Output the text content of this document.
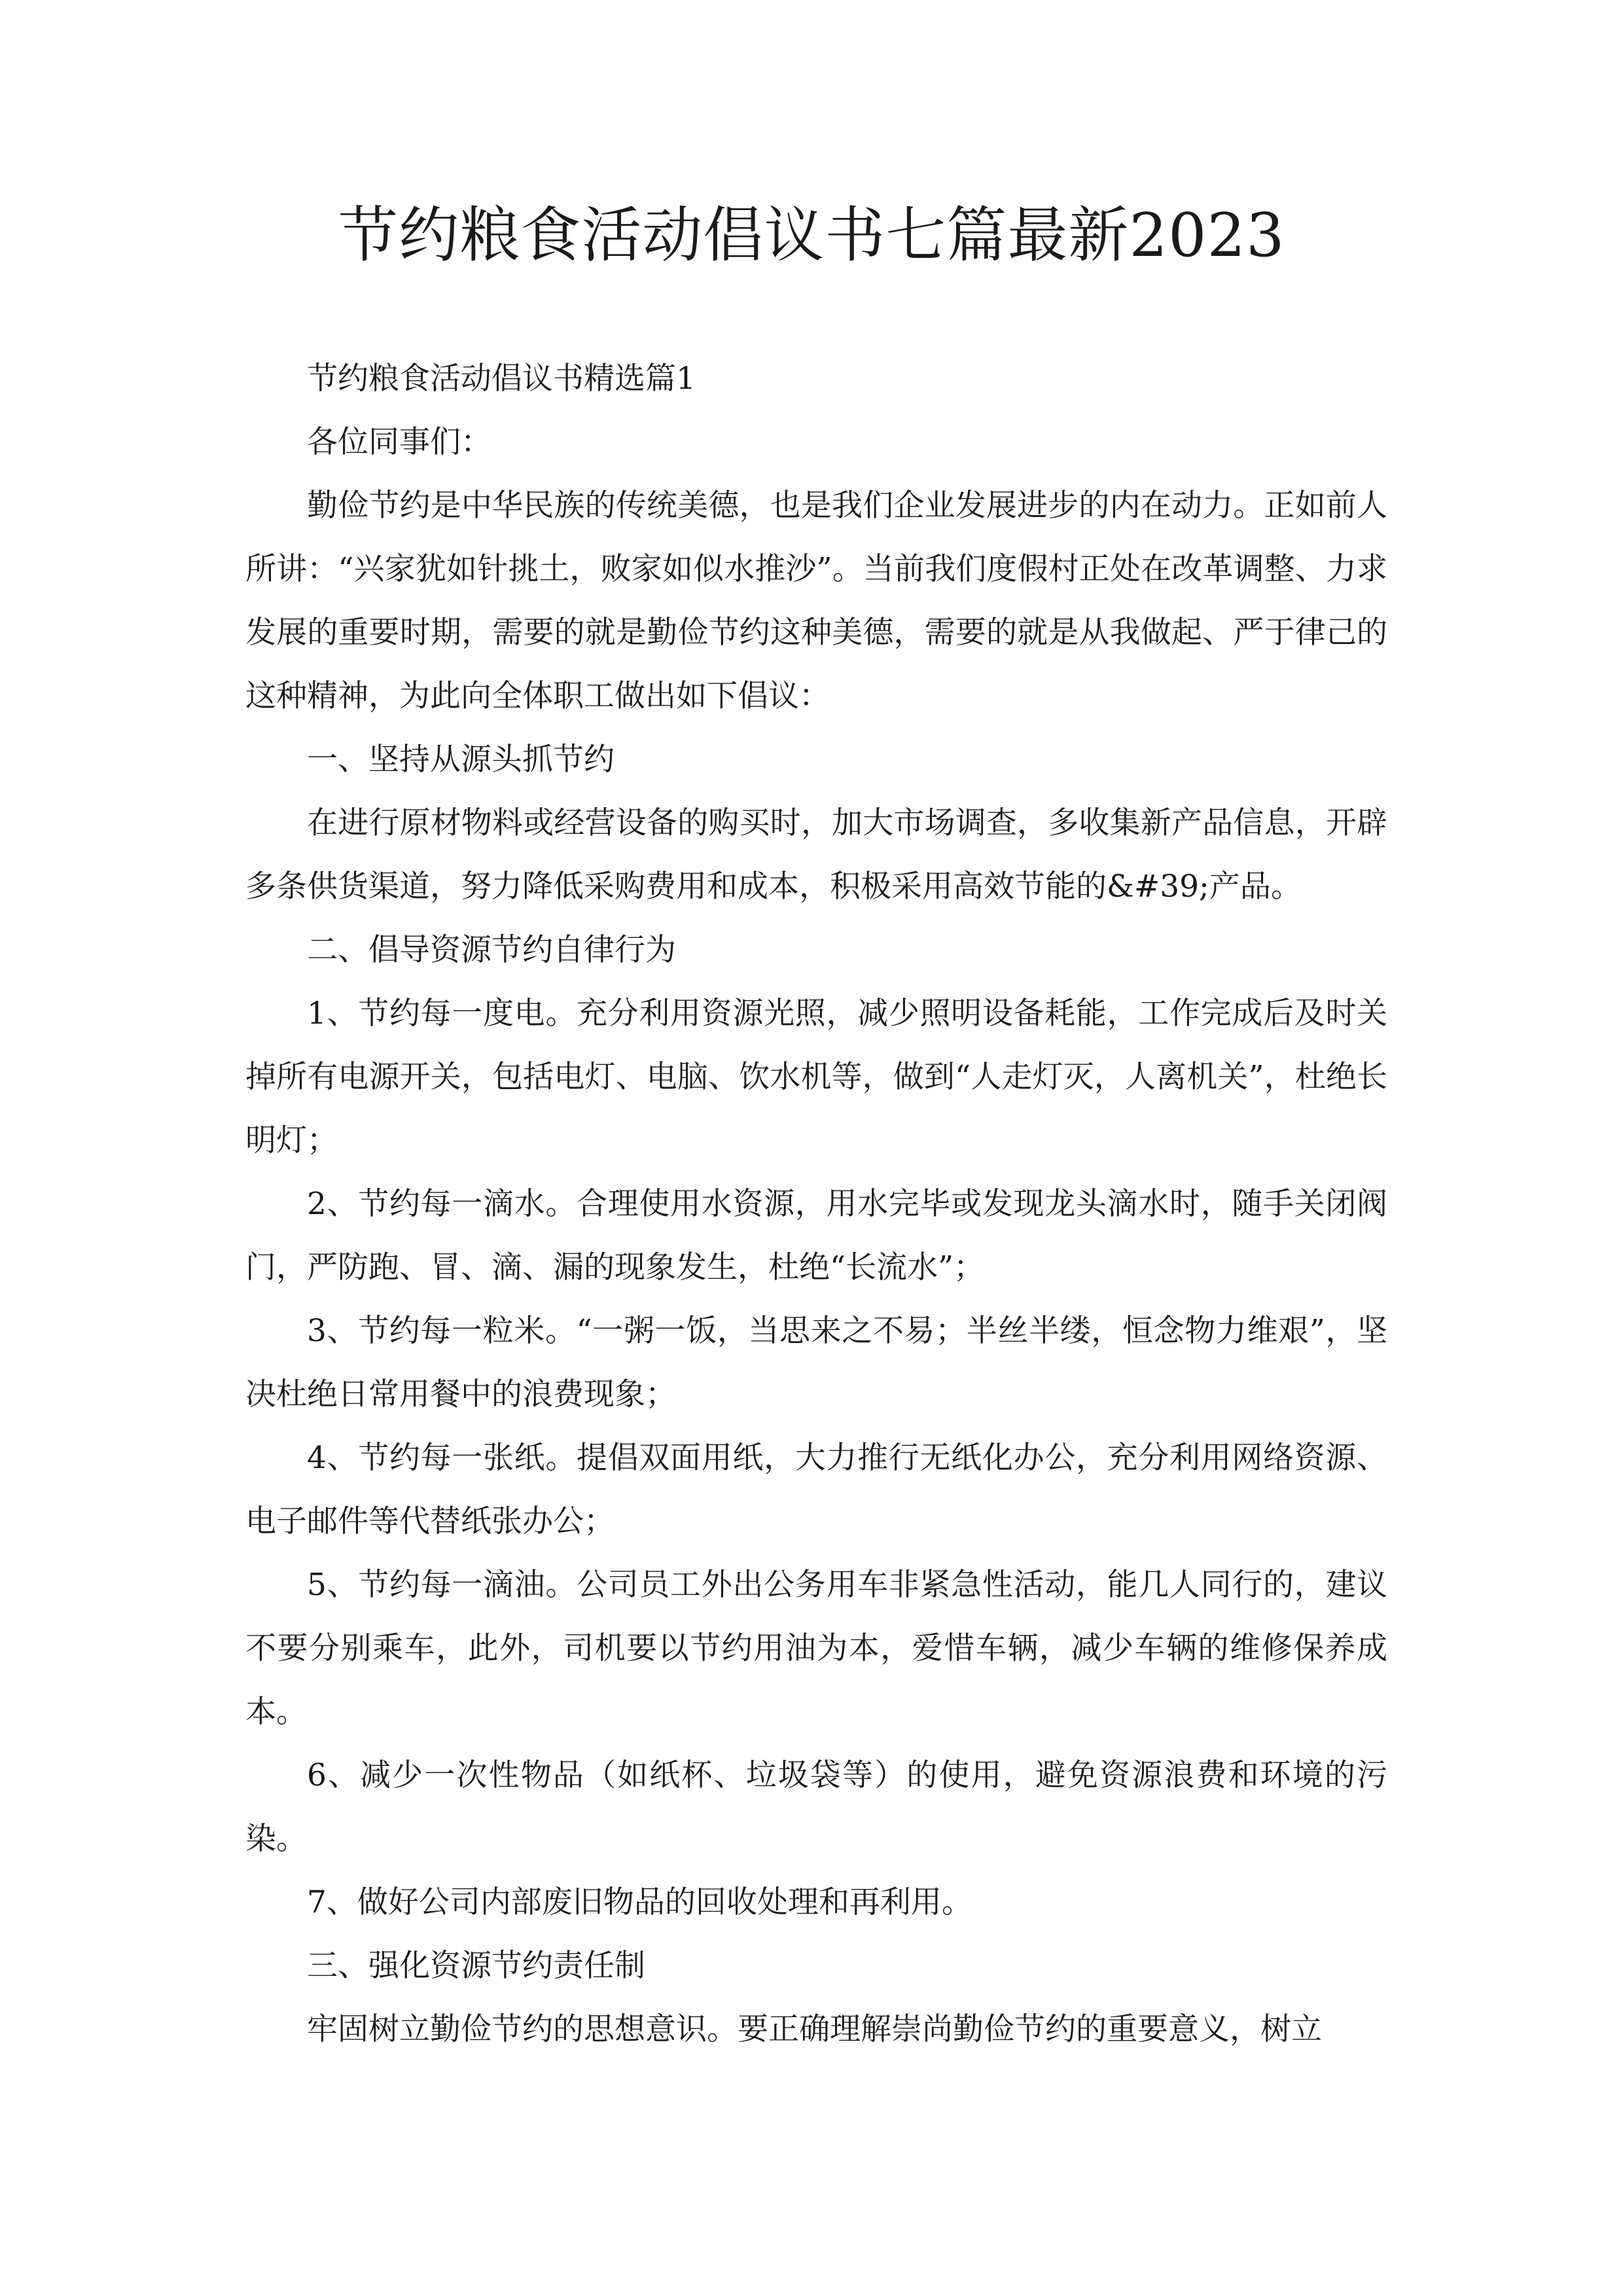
节约粮食活动倡议书七篇最新2023

节约粮食活动倡议书精选篇1

各位同事们：

勤俭节约是中华民族的传统美德，也是我们企业发展进步的内在动力。正如前人所讲：“兴家犹如针挑土，败家如似水推沙”。当前我们度假村正处在改革调整、力求发展的重要时期，需要的就是勤俭节约这种美德，需要的就是从我做起、严于律己的这种精神，为此向全体职工做出如下倡议：

一、坚持从源头抓节约

在进行原材物料或经营设备的购买时，加大市场调查，多收集新产品信息，开辟多条供货渠道，努力降低采购费用和成本，积极采用高效节能的&#39;产品。

二、倡导资源节约自律行为

1、节约每一度电。充分利用资源光照，减少照明设备耗能，工作完成后及时关掉所有电源开关，包括电灯、电脑、饮水机等，做到“人走灯灭，人离机关”，杜绝长明灯；

2、节约每一滴水。合理使用水资源，用水完毕或发现龙头滴水时，随手关闭阀门，严防跑、冒、滴、漏的现象发生，杜绝“长流水”；

3、节约每一粒米。“一粥一饭，当思来之不易；半丝半缕，恒念物力维艰”，坚决杜绝日常用餐中的浪费现象；

4、节约每一张纸。提倡双面用纸，大力推行无纸化办公，充分利用网络资源、电子邮件等代替纸张办公；

5、节约每一滴油。公司员工外出公务用车非紧急性活动，能几人同行的，建议不要分别乘车，此外，司机要以节约用油为本，爱惜车辆，减少车辆的维修保养成本。

6、减少一次性物品（如纸杯、垃圾袋等）的使用，避免资源浪费和环境的污染。

7、做好公司内部废旧物品的回收处理和再利用。

三、强化资源节约责任制

牢固树立勤俭节约的思想意识。要正确理解崇尚勤俭节约的重要意义，树立
